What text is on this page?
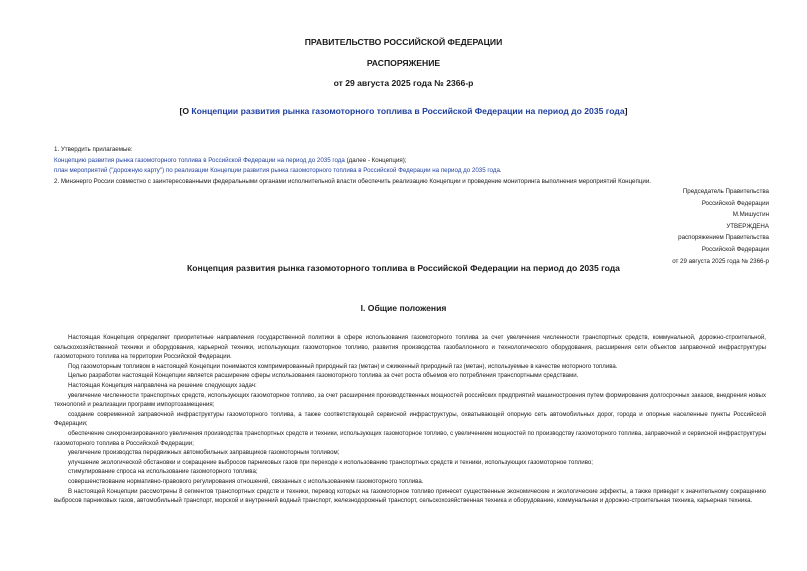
ПРАВИТЕЛЬСТВО РОССИЙСКОЙ ФЕДЕРАЦИИ
РАСПОРЯЖЕНИЕ
от 29 августа 2025 года № 2366-р
[О Концепции развития рынка газомоторного топлива в Российской Федерации на период до 2035 года]
1. Утвердить прилагаемые:
Концепцию развития рынка газомоторного топлива в Российской Федерации на период до 2035 года (далее - Концепция);
план мероприятий ("дорожную карту") по реализации Концепции развития рынка газомоторного топлива в Российской Федерации на период до 2035 года.
2. Минэнерго России совместно с заинтересованными федеральными органами исполнительной власти обеспечить реализацию Концепции и проведение мониторинга выполнения мероприятий Концепции.
Председатель Правительства
Российской Федерации
М.Мишустин
УТВЕРЖДЕНА
распоряжением Правительства
Российской Федерации
от 29 августа 2025 года № 2366-р
Концепция развития рынка газомоторного топлива в Российской Федерации на период до 2035 года
I. Общие положения

Настоящая Концепция определяет приоритетные направления государственной политики в сфере использования газомоторного топлива за счет увеличения численности транспортных средств, коммунальной, дорожно-строительной, сельскохозяйственной техники и оборудования, карьерной техники, использующих газомоторное топливо, развития производства газобаллонного и технологического оборудования, расширения сети объектов заправочной инфраструктуры газомоторного топлива на территории Российской Федерации.

Под газомоторным топливом в настоящей Концепции понимаются компримированный природный газ (метан) и сжиженный природный газ (метан), используемые в качестве моторного топлива.

Целью разработки настоящей Концепции является расширение сферы использования газомоторного топлива за счет роста объемов его потребления транспортными средствами.

Настоящая Концепция направлена на решение следующих задач:

увеличение численности транспортных средств, использующих газомоторное топливо, за счет расширения производственных мощностей российских предприятий машиностроения путем формирования долгосрочных заказов, внедрения новых технологий и реализации программ импортозамещения;

создание современной заправочной инфраструктуры газомоторного топлива, а также соответствующей сервисной инфраструктуры, охватывающей опорную сеть автомобильных дорог, города и опорные населенные пункты Российской Федерации;

обеспечение синхронизированного увеличения производства транспортных средств и техники, использующих газомоторное топливо, с увеличением мощностей по производству газомоторного топлива, заправочной и сервисной инфраструктуры газомоторного топлива в Российской Федерации;

увеличение производства передвижных автомобильных заправщиков газомоторным топливом;

улучшение экологической обстановки и сокращение выбросов парниковых газов при переходе к использованию транспортных средств и техники, использующих газомоторное топливо;

стимулирование спроса на использование газомоторного топлива;

совершенствование нормативно-правового регулирования отношений, связанных с использованием газомоторного топлива.

В настоящей Концепции рассмотрены 8 сегментов транспортных средств и техники, перевод которых на газомоторное топливо принесет существенные экономические и экологические эффекты, а также приведет к значительному сокращению выбросов парниковых газов, автомобильный транспорт, морской и внутренний водный транспорт, железнодорожный транспорт, сельскохозяйственная техника и оборудование, коммунальная и дорожно-строительная техника, карьерная техника.
